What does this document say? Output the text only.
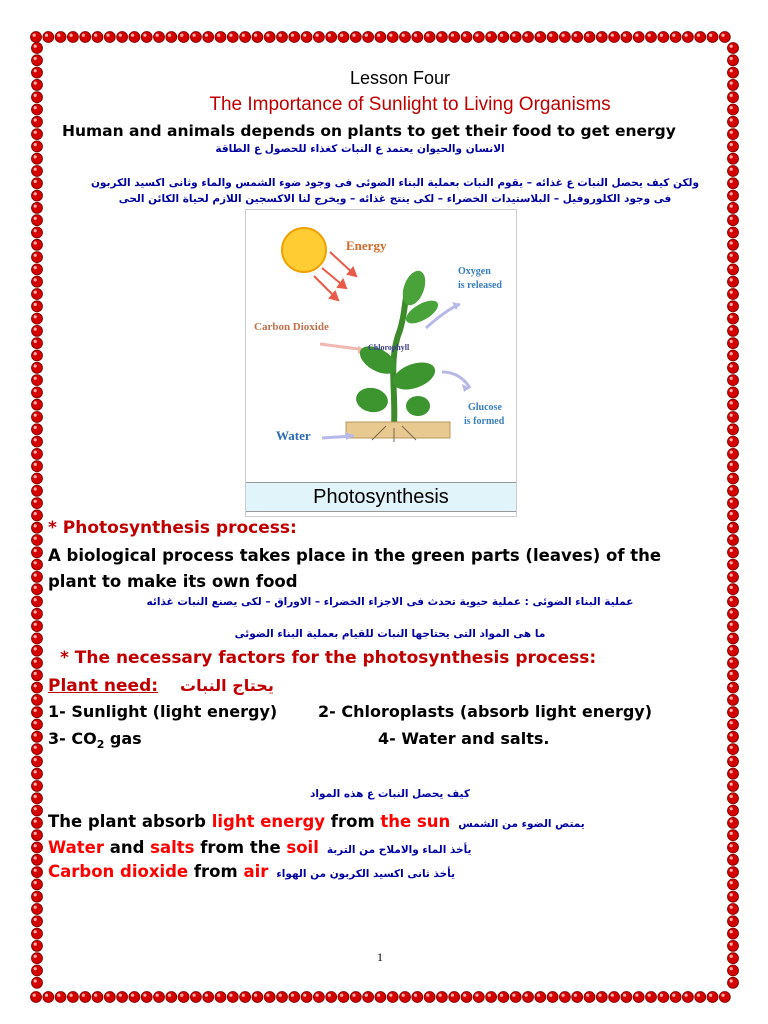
Lesson Four
The Importance of Sunlight to Living Organisms
Human and animals depends on plants to get their food to get energy
الانسان والحيوان يعتمد ع النبات كغذاء للحصول ع الطاقة
ولكن كيف يحصل النبات ع غذائه – يقوم النبات بعملية البناء الضوئى فى وجود ضوء الشمس والماء وثانى اكسيد الكربون
فى وجود الكلوروفيل – البلاستيدات الخضراء – لكى ينتج غذائه – ويخرج لنا الاكسجين اللازم لحياة الكائن الحى
Energy
Oxygen
is released
Carbon Dioxide
Chlorophyll
Glucose
is formed
Water
Photosynthesis
* Photosynthesis process:
A biological process takes place in the green parts (leaves) of the
plant to make its own food
عملية البناء الضوئى : عملية حيوية تحدث فى الاجزاء الخضراء – الاوراق – لكى يصنع النبات غذائه
ما هى المواد التى يحتاجها النبات للقيام بعملية البناء الضوئى
* The necessary factors for the photosynthesis process:
Plant need: يحتاج النبات
1- Sunlight (light energy)	2- Chloroplasts (absorb light energy)
3- $CO_2$ gas	4- Water and salts.
كيف يحصل النبات ع هذه المواد
The plant absorb light energy from the sun يمتص الضوء من الشمس
Water and salts from the soil يأخذ الماء والاملاح من التربة
Carbon dioxide from air يأخذ ثانى اكسيد الكربون من الهواء
1
